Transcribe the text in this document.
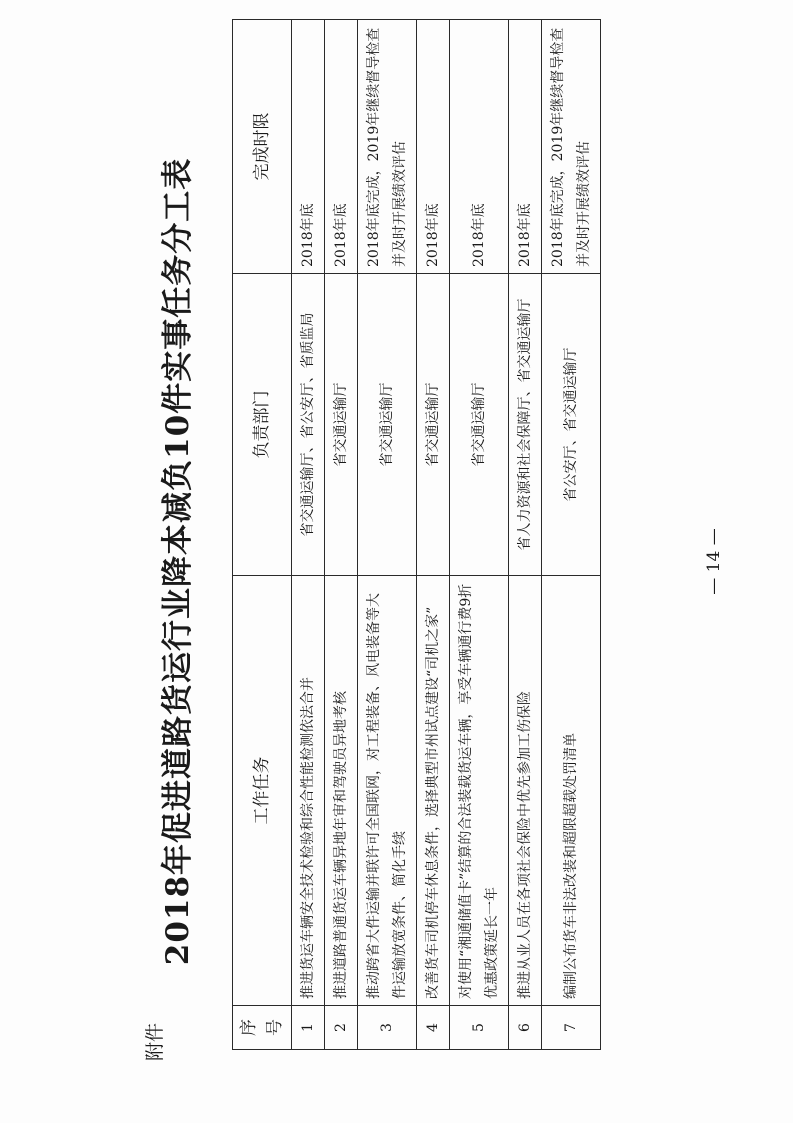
附件
2018年促进道路货运行业降本减负10件实事任务分工表
序号	工作任务	负责部门	完成时限
1	推进货运车辆安全技术检验和综合性能检测依法合并	省交通运输厅、省公安厅、省质监局	2018年底
2	推进道路普通货运车辆异地年审和驾驶员异地考核	省交通运输厅	2018年底
3	推动跨省大件运输并联许可全国联网，对工程装备、风电装备等大件运输放宽条件、简化手续	省交通运输厅	2018年底完成，2019年继续督导检查并及时开展绩效评估
4	改善货车司机停车休息条件，选择典型市州试点建设“司机之家”	省交通运输厅	2018年底
5	对使用“湘通储值卡”结算的合法装载货运车辆，享受车辆通行费9折优惠政策延长一年	省交通运输厅	2018年底
6	推进从业人员在各项社会保险中优先参加工伤保险	省人力资源和社会保障厅、省交通运输厅	2018年底
7	编制公布货车非法改装和超限超载处罚清单	省公安厅、省交通运输厅	2018年底完成，2019年继续督导检查并及时开展绩效评估
— 14 —
